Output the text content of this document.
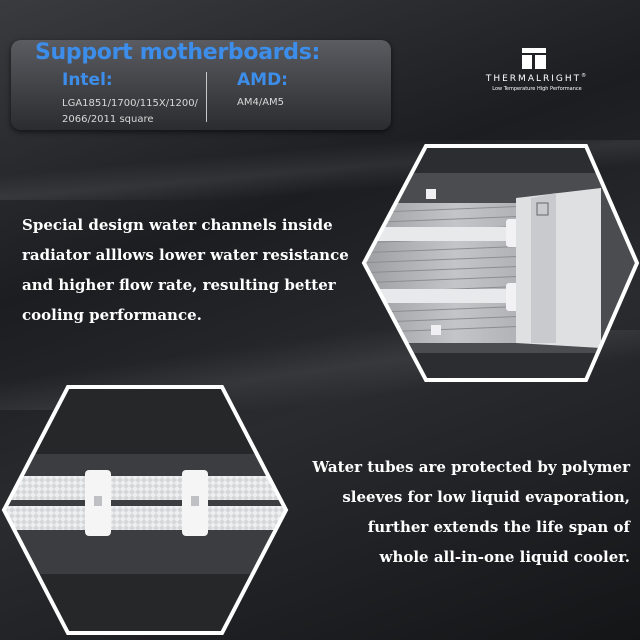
Support motherboards:
Intel:
LGA1851/1700/115X/1200/
2066/2011 square
AMD:
AM4/AM5
THERMALRIGHT®
Low Temperature High Performance
Special design water channels inside
radiator alllows lower water resistance
and higher flow rate, resulting better
cooling performance.
Water tubes are protected by polymer
sleeves for low liquid evaporation,
further extends the life span of
whole all-in-one liquid cooler.
